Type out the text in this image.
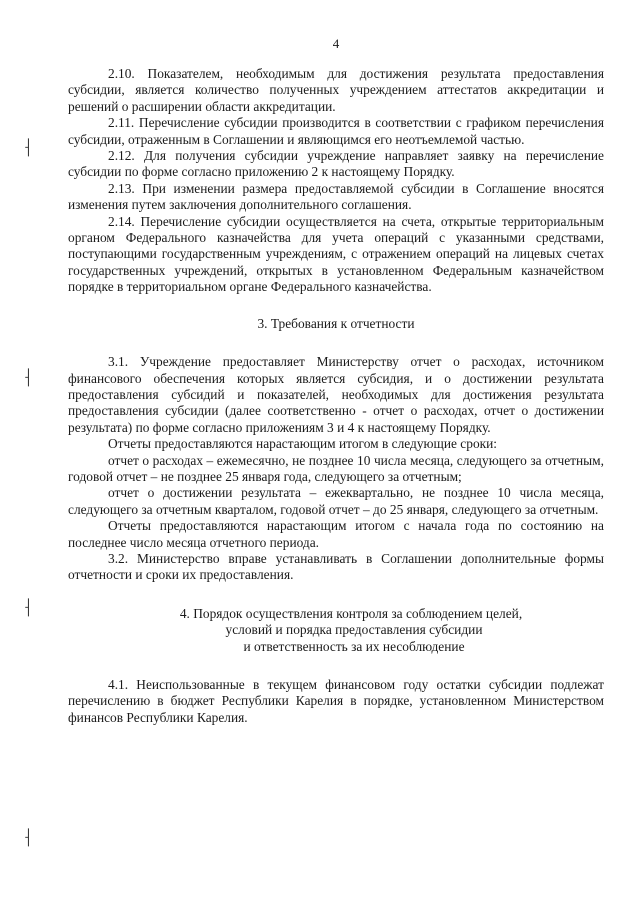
4
⸡
⸡
⸡
⸡

2.10. Показателем, необходимым для достижения результата предоставления субсидии, является количество полученных учреждением аттестатов аккредитации и решений о расширении области аккредитации.

2.11. Перечисление субсидии производится в соответствии с графиком перечисления субсидии, отраженным в Соглашении и являющимся его неотъемлемой частью.

2.12. Для получения субсидии учреждение направляет заявку на перечисление субсидии по форме согласно приложению 2 к настоящему Порядку.

2.13. При изменении размера предоставляемой субсидии в Соглашение вносятся изменения путем заключения дополнительного соглашения.

2.14. Перечисление субсидии осуществляется на счета, открытые территориальным органом Федерального казначейства для учета операций с указанными средствами, поступающими государственным учреждениям, с отражением операций на лицевых счетах государственных учреждений, открытых в установленном Федеральным казначейством порядке в территориальном органе Федерального казначейства.

3. Требования к отчетности

3.1. Учреждение предоставляет Министерству отчет о расходах, источником финансового обеспечения которых является субсидия, и о достижении результата предоставления субсидий и показателей, необходимых для достижения результата предоставления субсидии (далее соответственно - отчет о расходах, отчет о достижении результата) по форме согласно приложениям 3 и 4 к настоящему Порядку.

Отчеты предоставляются нарастающим итогом в следующие сроки:

отчет о расходах – ежемесячно, не позднее 10 числа месяца, следующего за отчетным, годовой отчет – не позднее 25 января года, следующего за отчетным;

отчет о достижении результата – ежеквартально, не позднее 10 числа месяца, следующего за отчетным кварталом, годовой отчет – до 25 января, следующего за отчетным.

Отчеты предоставляются нарастающим итогом с начала года по состоянию на последнее число месяца отчетного периода.

3.2. Министерство вправе устанавливать в Соглашении дополнительные формы отчетности и сроки их предоставления.

4. Порядок осуществления контроля за соблюдением целей,
условий и порядка предоставления субсидии
и ответственность за их несоблюдение

4.1. Неиспользованные в текущем финансовом году остатки субсидии подлежат перечислению в бюджет Республики Карелия в порядке, установленном Министерством финансов Республики Карелия.
